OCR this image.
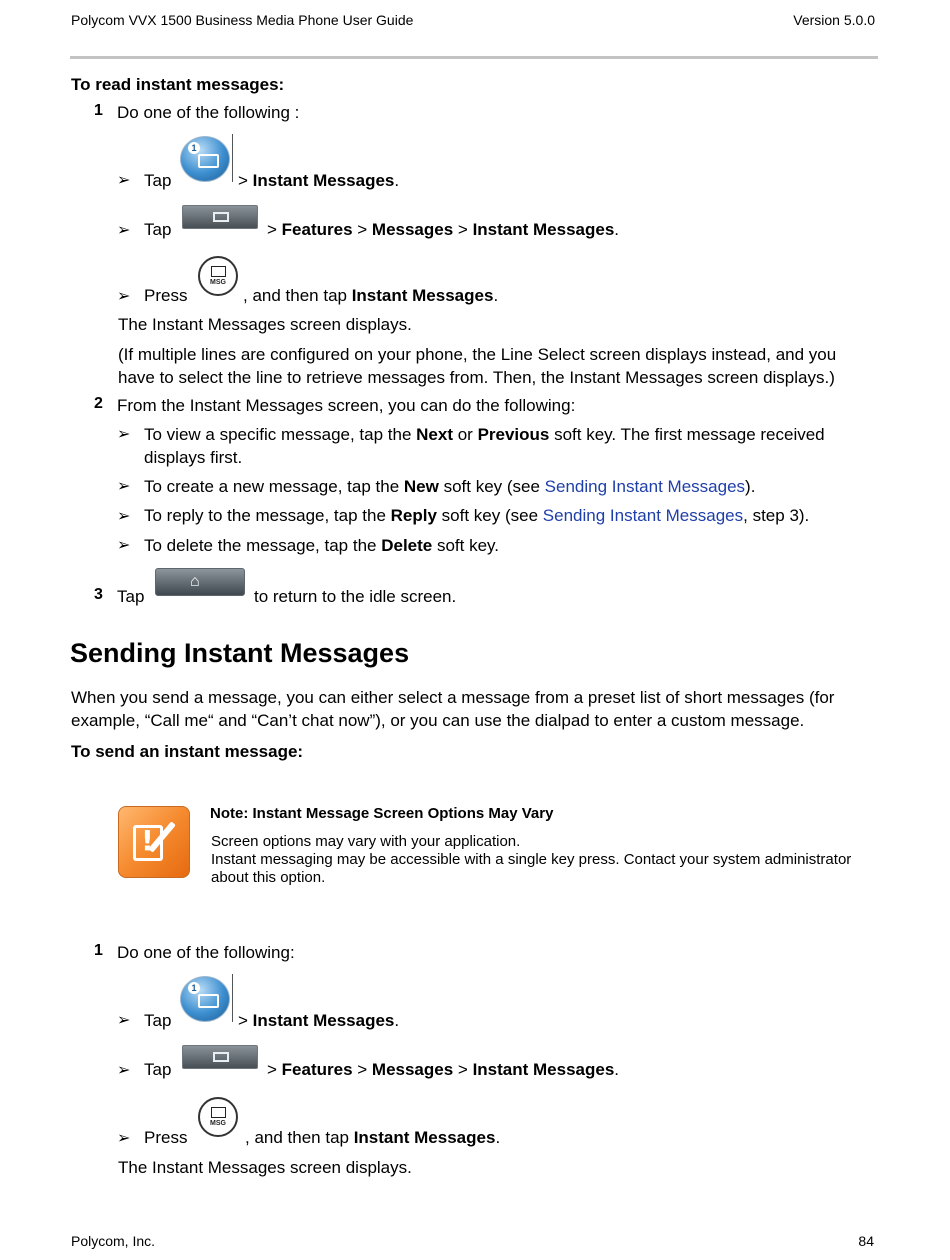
Polycom VVX 1500 Business Media Phone User Guide	Version 5.0.0
To read instant messages:
1 Do one of the following :
➢ Tap
1
> Instant Messages.
➢ Tap	> Features > Messages > Instant Messages.
➢ Press
MSG
, and then tap Instant Messages.
The Instant Messages screen displays.
(If multiple lines are configured on your phone, the Line Select screen displays instead, and you
have to select the line to retrieve messages from. Then, the Instant Messages screen displays.)
2 From the Instant Messages screen, you can do the following:
➢ To view a specific message, tap the Next or Previous soft key. The first message received
displays first.
➢ To create a new message, tap the New soft key (see Sending Instant Messages).
➢ To reply to the message, tap the Reply soft key (see Sending Instant Messages, step 3).
➢ To delete the message, tap the Delete soft key.
3 Tap
⌂
to return to the idle screen.
Sending Instant Messages
When you send a message, you can either select a message from a preset list of short messages (for
example, “Call me“ and “Can’t chat now”), or you can use the dialpad to enter a custom message.
To send an instant message:
!
Note: Instant Message Screen Options May Vary
Screen options may vary with your application.
Instant messaging may be accessible with a single key press. Contact your system administrator
about this option.
1 Do one of the following:
➢ Tap
1
> Instant Messages.
➢ Tap	> Features > Messages > Instant Messages.
➢ Press
MSG
, and then tap Instant Messages.
The Instant Messages screen displays.
Polycom, Inc.	84
